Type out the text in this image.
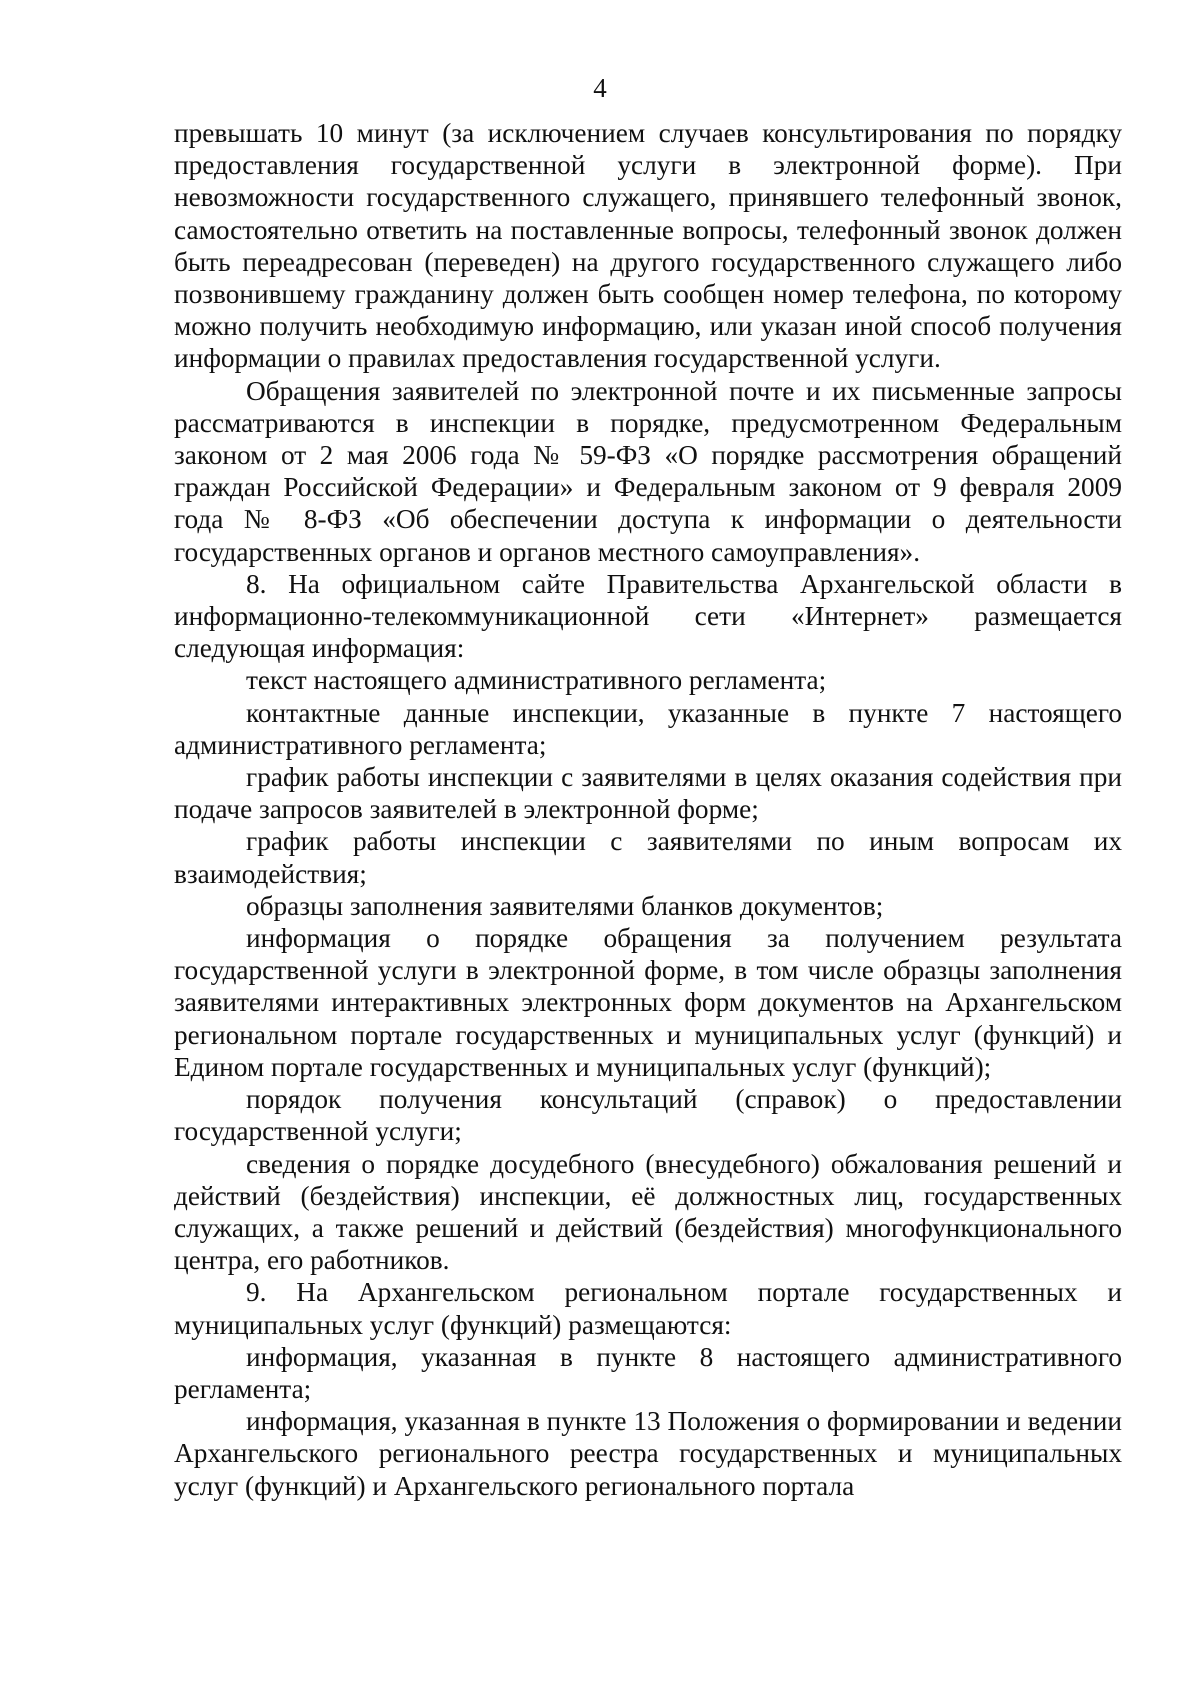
4

превышать 10 минут (за исключением случаев консультирования по порядку предоставления государственной услуги в электронной форме). При невозможности государственного служащего, принявшего телефонный звонок, самостоятельно ответить на поставленные вопросы, телефонный звонок должен быть переадресован (переведен) на другого государственного служащего либо позвонившему гражданину должен быть сообщен номер телефона, по которому можно получить необходимую информацию, или указан иной способ получения информации о правилах предоставления государственной услуги.

Обращения заявителей по электронной почте и их письменные запросы рассматриваются в инспекции в порядке, предусмотренном Федеральным законом от 2 мая 2006 года № 59-ФЗ «О порядке рассмотрения обращений граждан Российской Федерации» и Федеральным законом от 9 февраля 2009 года № 8-ФЗ «Об обеспечении доступа к информации о деятельности государственных органов и органов местного самоуправления».

8. На официальном сайте Правительства Архангельской области в информационно-телекоммуникационной сети «Интернет» размещается следующая информация:

текст настоящего административного регламента;

контактные данные инспекции, указанные в пункте 7 настоящего административного регламента;

график работы инспекции с заявителями в целях оказания содействия при подаче запросов заявителей в электронной форме;

график работы инспекции с заявителями по иным вопросам их взаимодействия;

образцы заполнения заявителями бланков документов;

информация о порядке обращения за получением результата государственной услуги в электронной форме, в том числе образцы заполнения заявителями интерактивных электронных форм документов на Архангельском региональном портале государственных и муниципальных услуг (функций) и Едином портале государственных и муниципальных услуг (функций);

порядок получения консультаций (справок) о предоставлении государственной услуги;

сведения о порядке досудебного (внесудебного) обжалования решений и действий (бездействия) инспекции, её должностных лиц, государственных служащих, а также решений и действий (бездействия) многофункционального центра, его работников.

9. На Архангельском региональном портале государственных и муниципальных услуг (функций) размещаются:

информация, указанная в пункте 8 настоящего административного регламента;

информация, указанная в пункте 13 Положения о формировании и ведении Архангельского регионального реестра государственных и муниципальных услуг (функций) и Архангельского регионального портала
